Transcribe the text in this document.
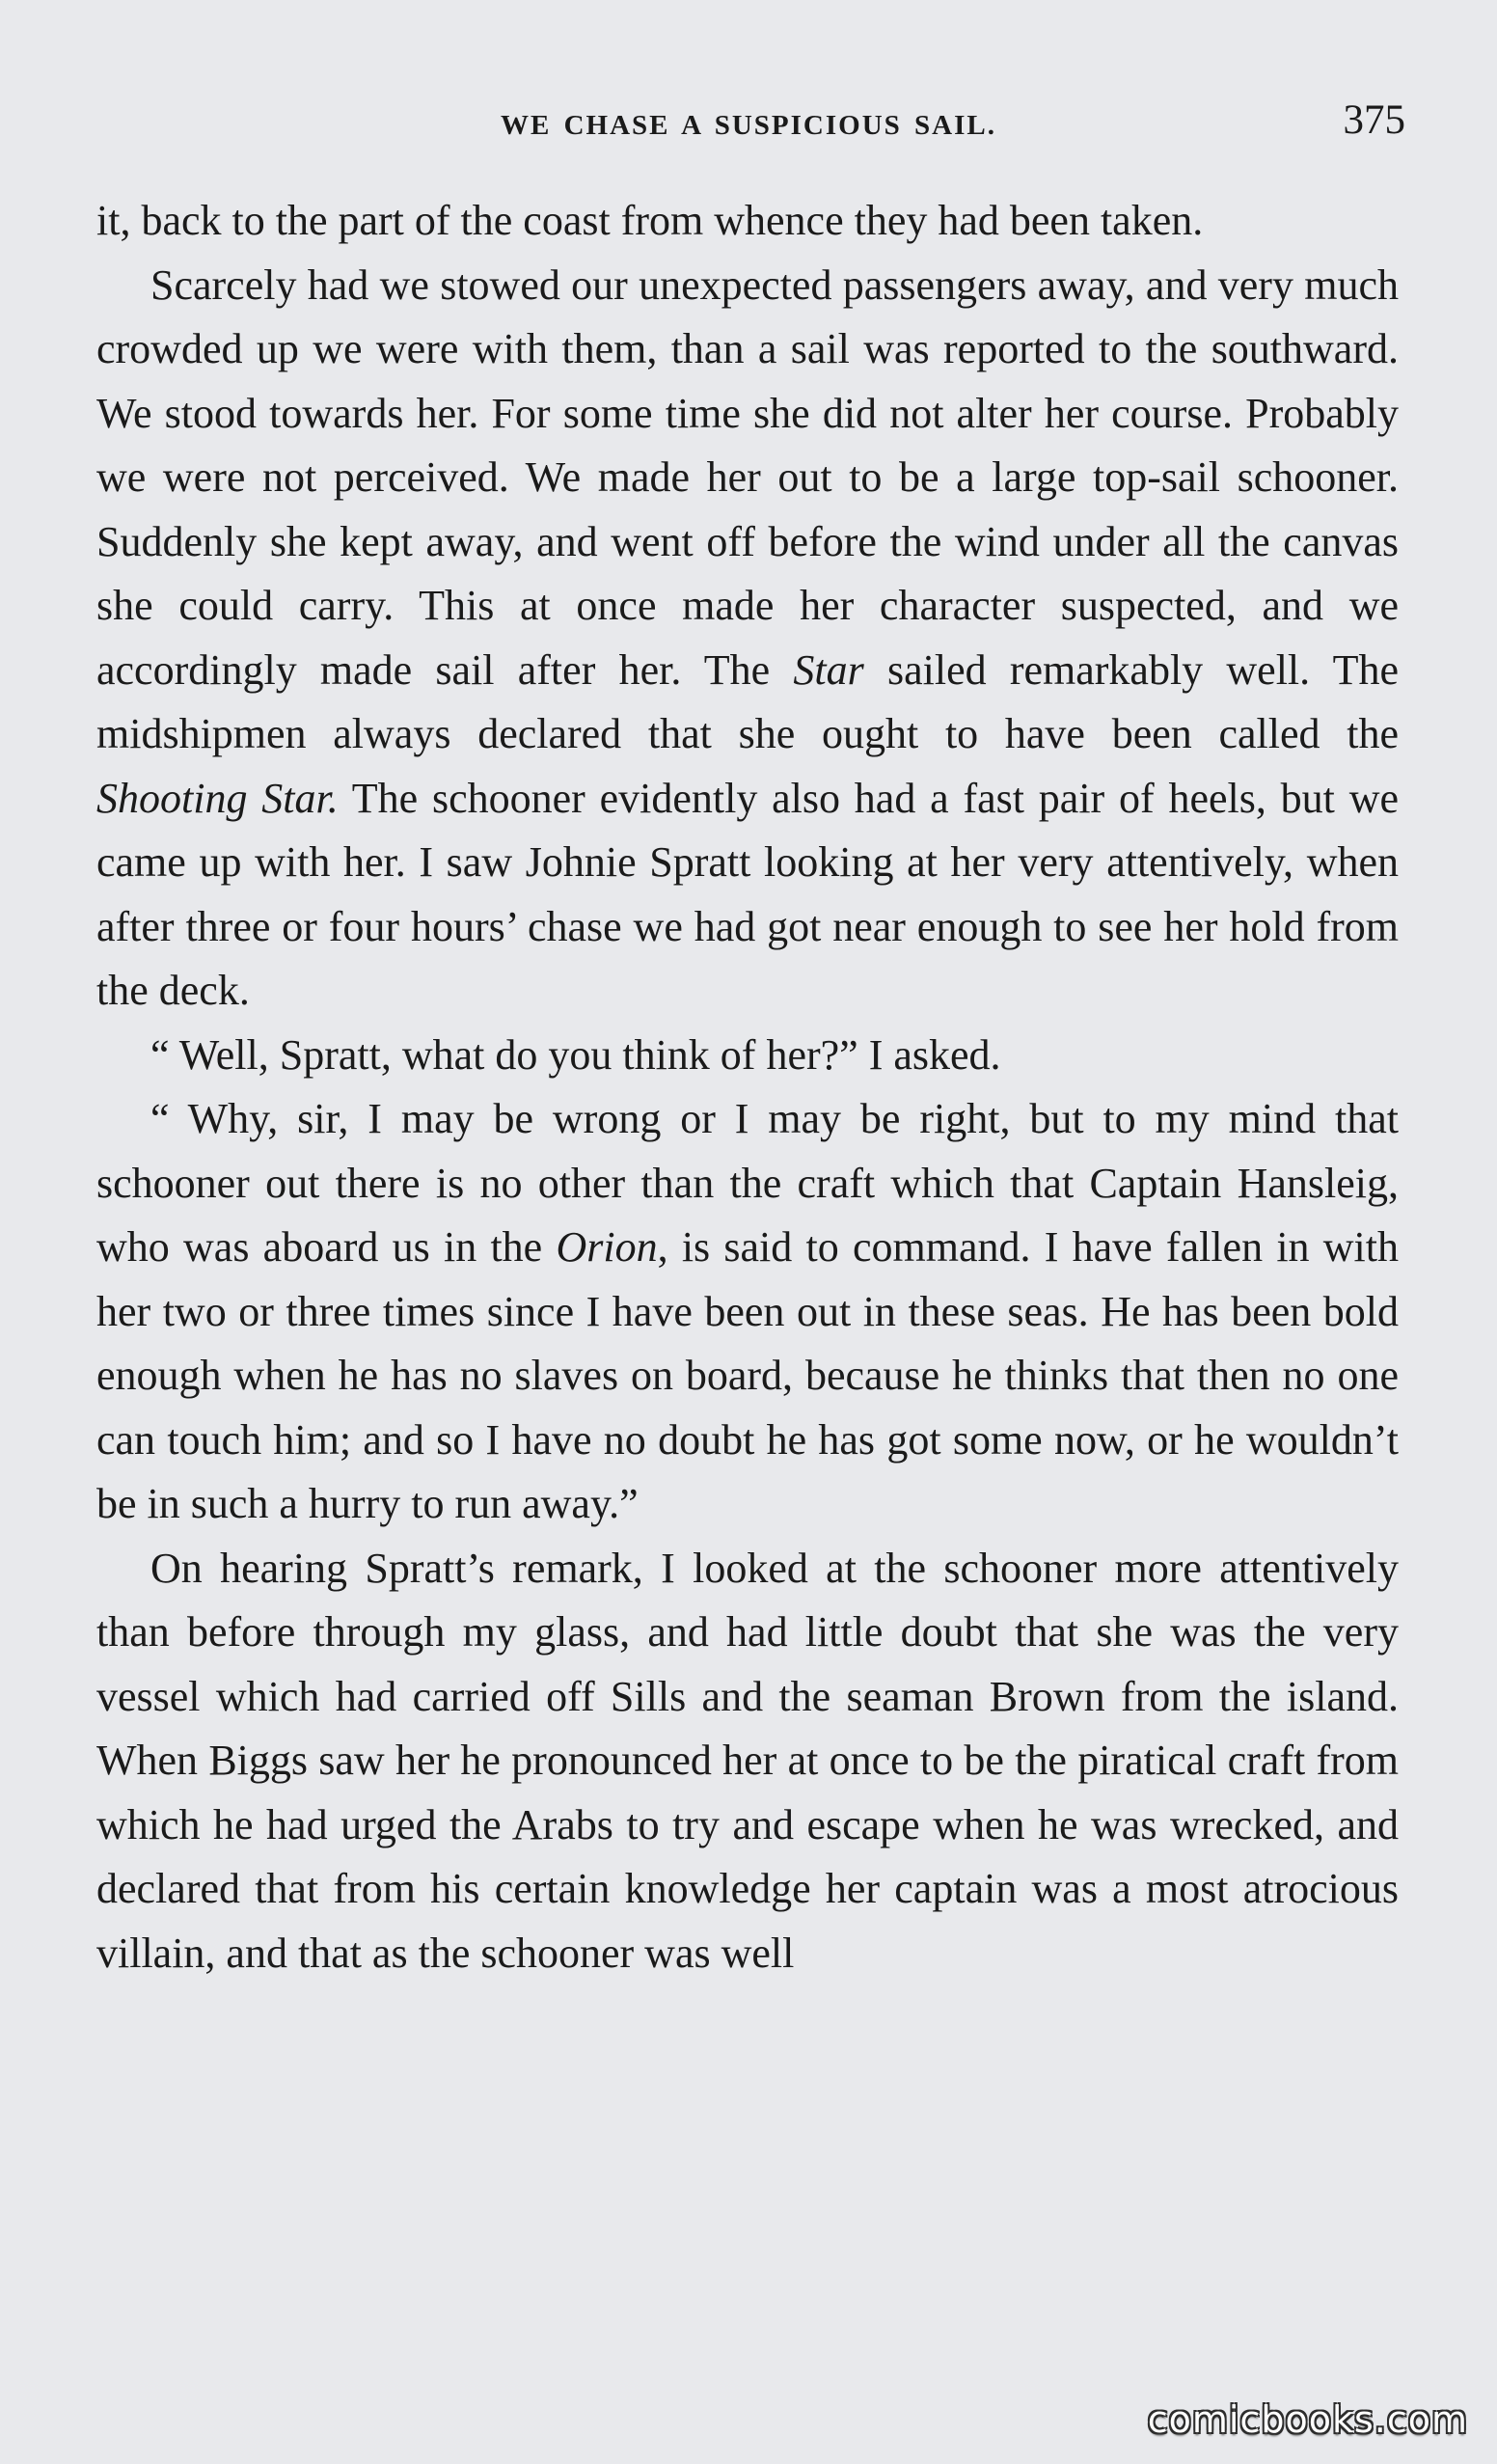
WE CHASE A SUSPICIOUS SAIL.	375

it, back to the part of the coast from whence they had been taken.

Scarcely had we stowed our unexpected passengers away, and very much crowded up we were with them, than a sail was reported to the southward. We stood towards her. For some time she did not alter her course. Probably we were not perceived. We made her out to be a large top-sail schooner. Suddenly she kept away, and went off before the wind under all the canvas she could carry. This at once made her character suspected, and we accordingly made sail after her. The Star sailed remarkably well. The midshipmen always declared that she ought to have been called the Shooting Star. The schooner evidently also had a fast pair of heels, but we came up with her. I saw Johnie Spratt looking at her very attentively, when after three or four hours’ chase we had got near enough to see her hold from the deck.

“ Well, Spratt, what do you think of her?” I asked.

“ Why, sir, I may be wrong or I may be right, but to my mind that schooner out there is no other than the craft which that Captain Hansleig, who was aboard us in the Orion, is said to command. I have fallen in with her two or three times since I have been out in these seas. He has been bold enough when he has no slaves on board, because he thinks that then no one can touch him; and so I have no doubt he has got some now, or he wouldn’t be in such a hurry to run away.”

On hearing Spratt’s remark, I looked at the schooner more attentively than before through my glass, and had little doubt that she was the very vessel which had carried off Sills and the seaman Brown from the island. When Biggs saw her he pronounced her at once to be the piratical craft from which he had urged the Arabs to try and escape when he was wrecked, and declared that from his certain knowledge her captain was a most atrocious villain, and that as the schooner was well

comicbooks.com
